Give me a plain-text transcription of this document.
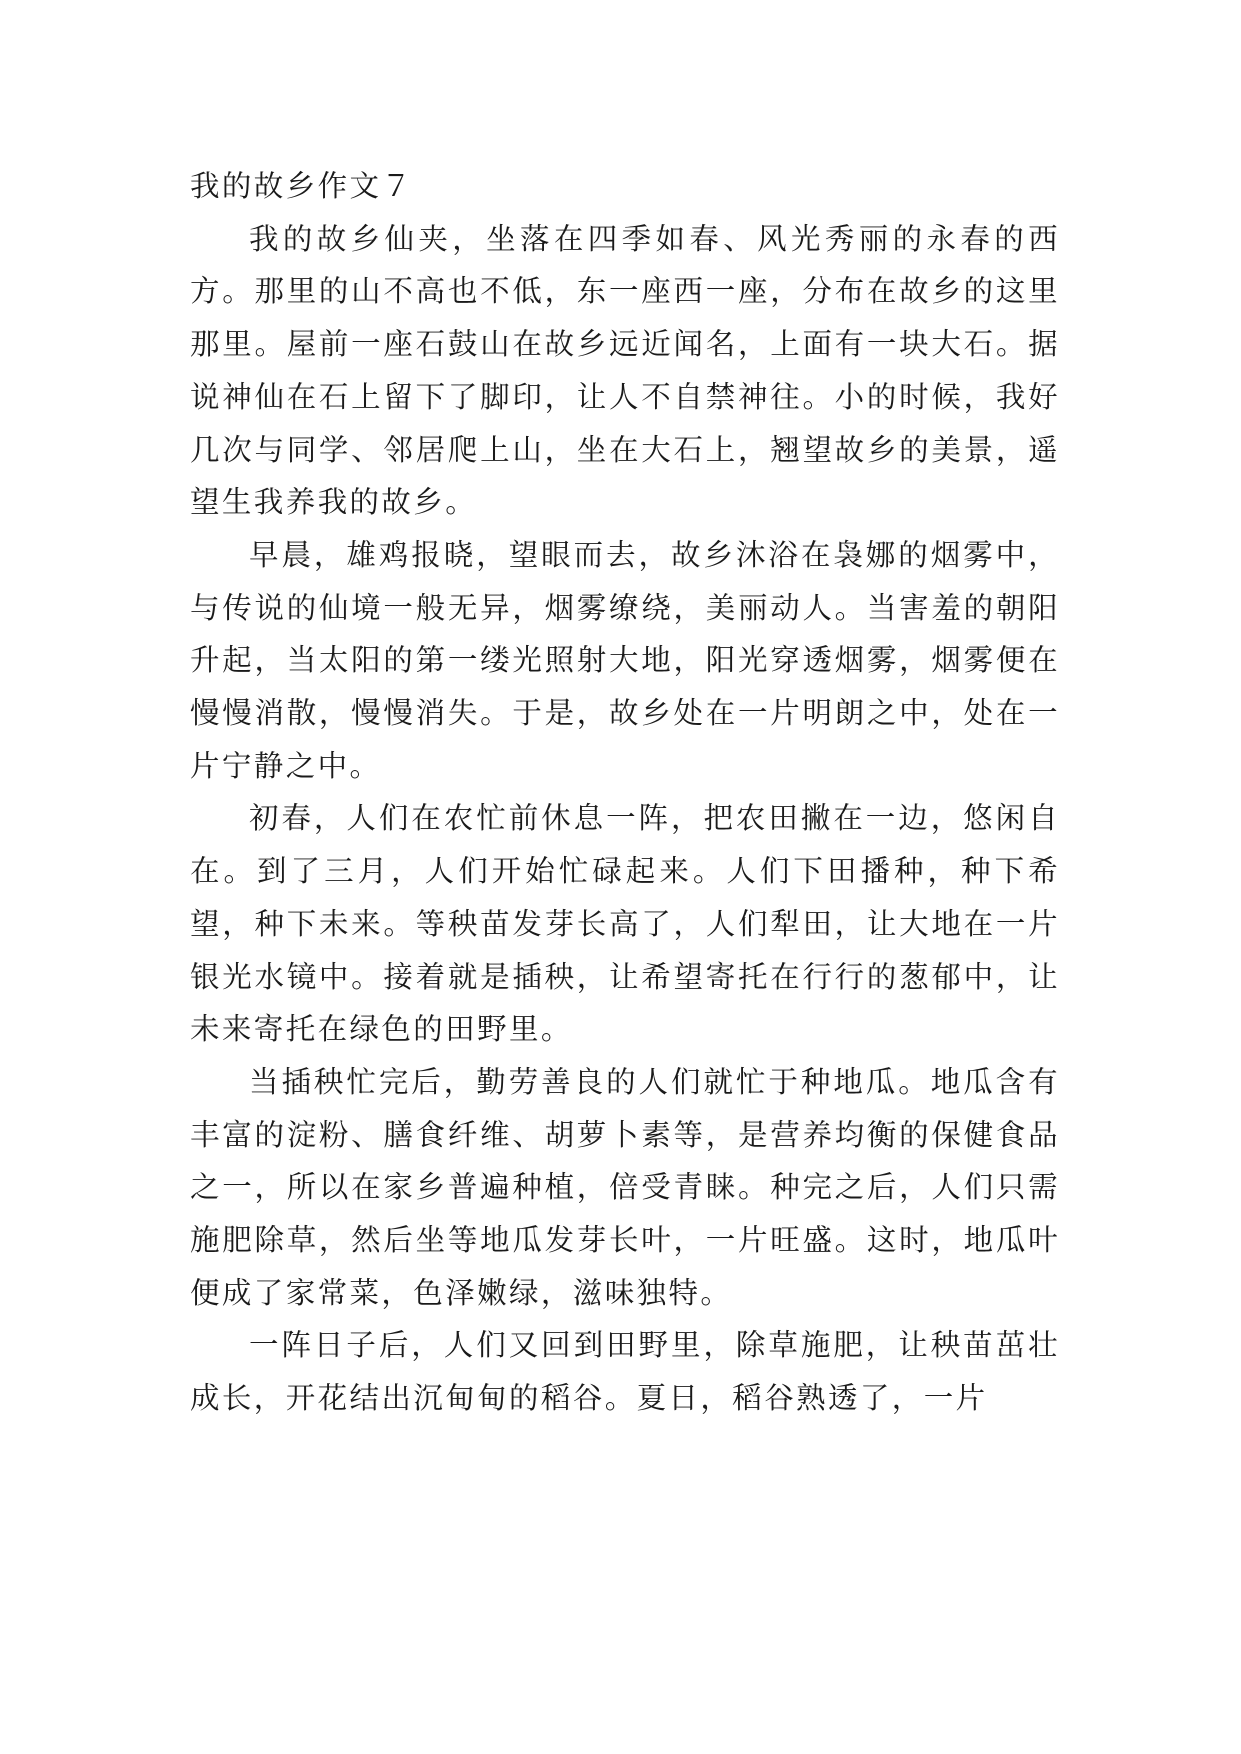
我的故乡作文７

我的故乡仙夹，坐落在四季如春、风光秀丽的永春的西方。那里的山不高也不低，东一座西一座，分布在故乡的这里那里。屋前一座石鼓山在故乡远近闻名，上面有一块大石。据说神仙在石上留下了脚印，让人不自禁神往。小的时候，我好几次与同学、邻居爬上山，坐在大石上，翘望故乡的美景，遥望生我养我的故乡。

早晨，雄鸡报晓，望眼而去，故乡沐浴在袅娜的烟雾中，与传说的仙境一般无异，烟雾缭绕，美丽动人。当害羞的朝阳升起，当太阳的第一缕光照射大地，阳光穿透烟雾，烟雾便在慢慢消散，慢慢消失。于是，故乡处在一片明朗之中，处在一片宁静之中。

初春，人们在农忙前休息一阵，把农田撇在一边，悠闲自在。到了三月，人们开始忙碌起来。人们下田播种，种下希望，种下未来。等秧苗发芽长高了，人们犁田，让大地在一片银光水镜中。接着就是插秧，让希望寄托在行行的葱郁中，让未来寄托在绿色的田野里。

当插秧忙完后，勤劳善良的人们就忙于种地瓜。地瓜含有丰富的淀粉、膳食纤维、胡萝卜素等，是营养均衡的保健食品之一，所以在家乡普遍种植，倍受青睐。种完之后，人们只需施肥除草，然后坐等地瓜发芽长叶，一片旺盛。这时，地瓜叶便成了家常菜，色泽嫩绿，滋味独特。

一阵日子后，人们又回到田野里，除草施肥，让秧苗茁壮成长，开花结出沉甸甸的稻谷。夏日，稻谷熟透了，一片
